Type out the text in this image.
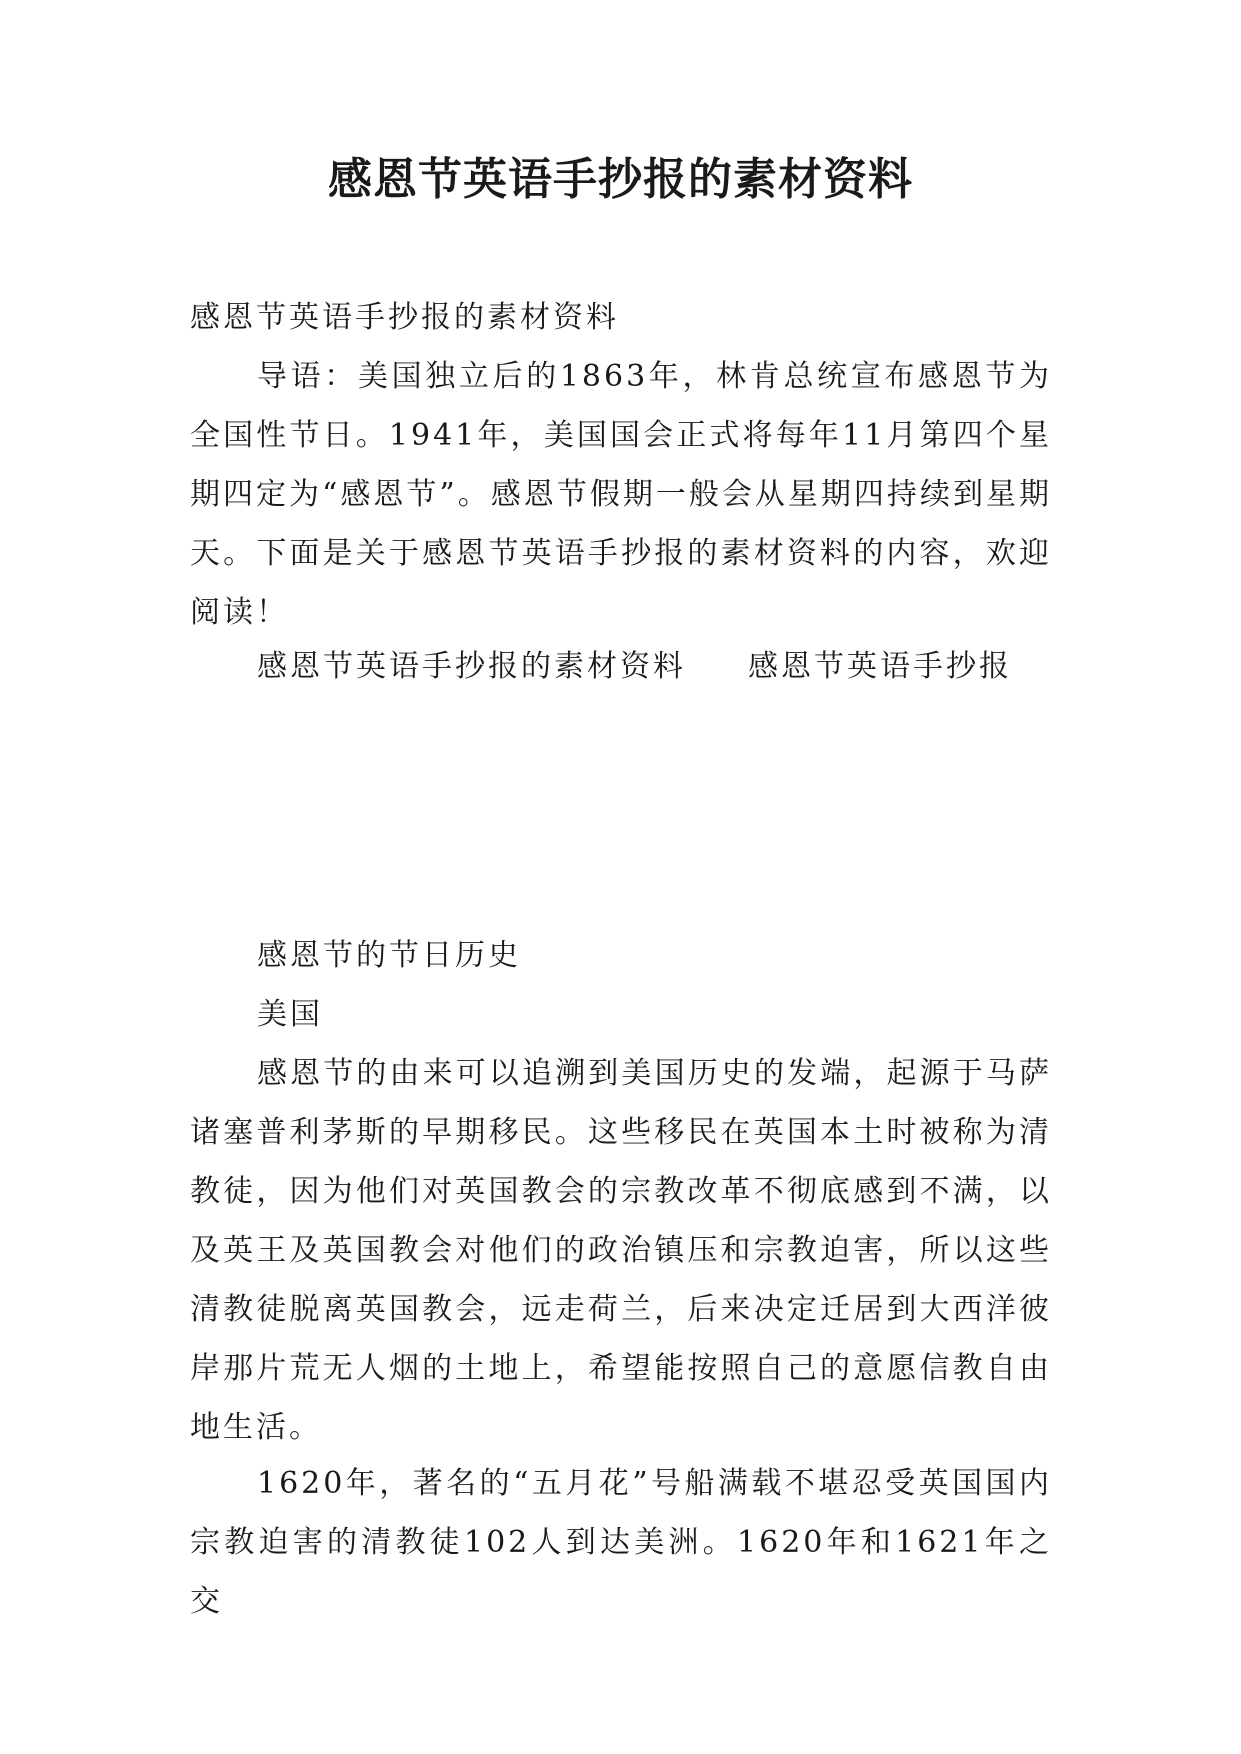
感恩节英语手抄报的素材资料

感恩节英语手抄报的素材资料

导语：美国独立后的1863年，林肯总统宣布感恩节为全国性节日。1941年，美国国会正式将每年11月第四个星期四定为“感恩节”。感恩节假期一般会从星期四持续到星期天。下面是关于感恩节英语手抄报的素材资料的内容，欢迎阅读！

感恩节英语手抄报的素材资料 感恩节英语手抄报

感恩节的节日历史

美国

感恩节的由来可以追溯到美国历史的发端，起源于马萨诸塞普利茅斯的早期移民。这些移民在英国本土时被称为清教徒，因为他们对英国教会的宗教改革不彻底感到不满，以及英王及英国教会对他们的政治镇压和宗教迫害，所以这些清教徒脱离英国教会，远走荷兰，后来决定迁居到大西洋彼岸那片荒无人烟的土地上，希望能按照自己的意愿信教自由地生活。

1620年，著名的“五月花”号船满载不堪忍受英国国内宗教迫害的清教徒102人到达美洲。1620年和1621年之交
